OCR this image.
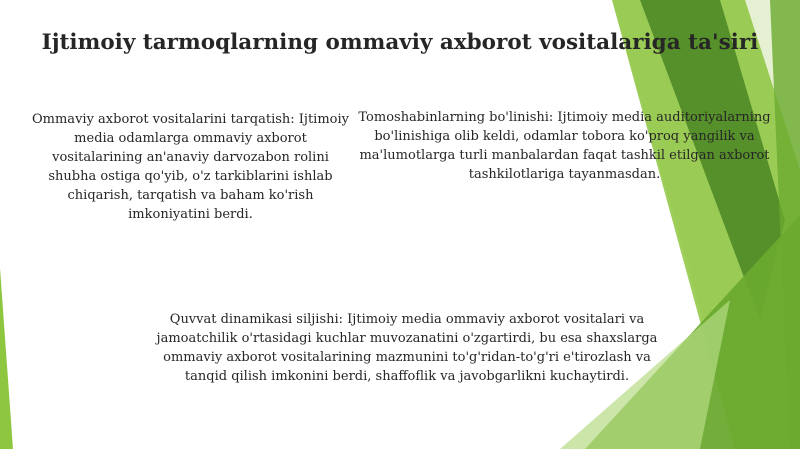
Ijtimoiy tarmoqlarning ommaviy axborot vositalariga ta'siri
Ommaviy axborot vositalarini tarqatish: Ijtimoiy media odamlarga ommaviy axborot vositalarining an'anaviy darvozabon rolini shubha ostiga qo'yib, o'z tarkiblarini ishlab chiqarish, tarqatish va baham ko'rish imkoniyatini berdi.
Tomoshabinlarning bo'linishi: Ijtimoiy media auditoriyalarning bo'linishiga olib keldi, odamlar tobora ko'proq yangilik va ma'lumotlarga turli manbalardan faqat tashkil etilgan axborot tashkilotlariga tayanmasdan.
Quvvat dinamikasi siljishi: Ijtimoiy media ommaviy axborot vositalari va jamoatchilik o'rtasidagi kuchlar muvozanatini o'zgartirdi, bu esa shaxslarga ommaviy axborot vositalarining mazmunini to'g'ridan-to'g'ri e'tirozlash va tanqid qilish imkonini berdi, shaffoflik va javobgarlikni kuchaytirdi.
